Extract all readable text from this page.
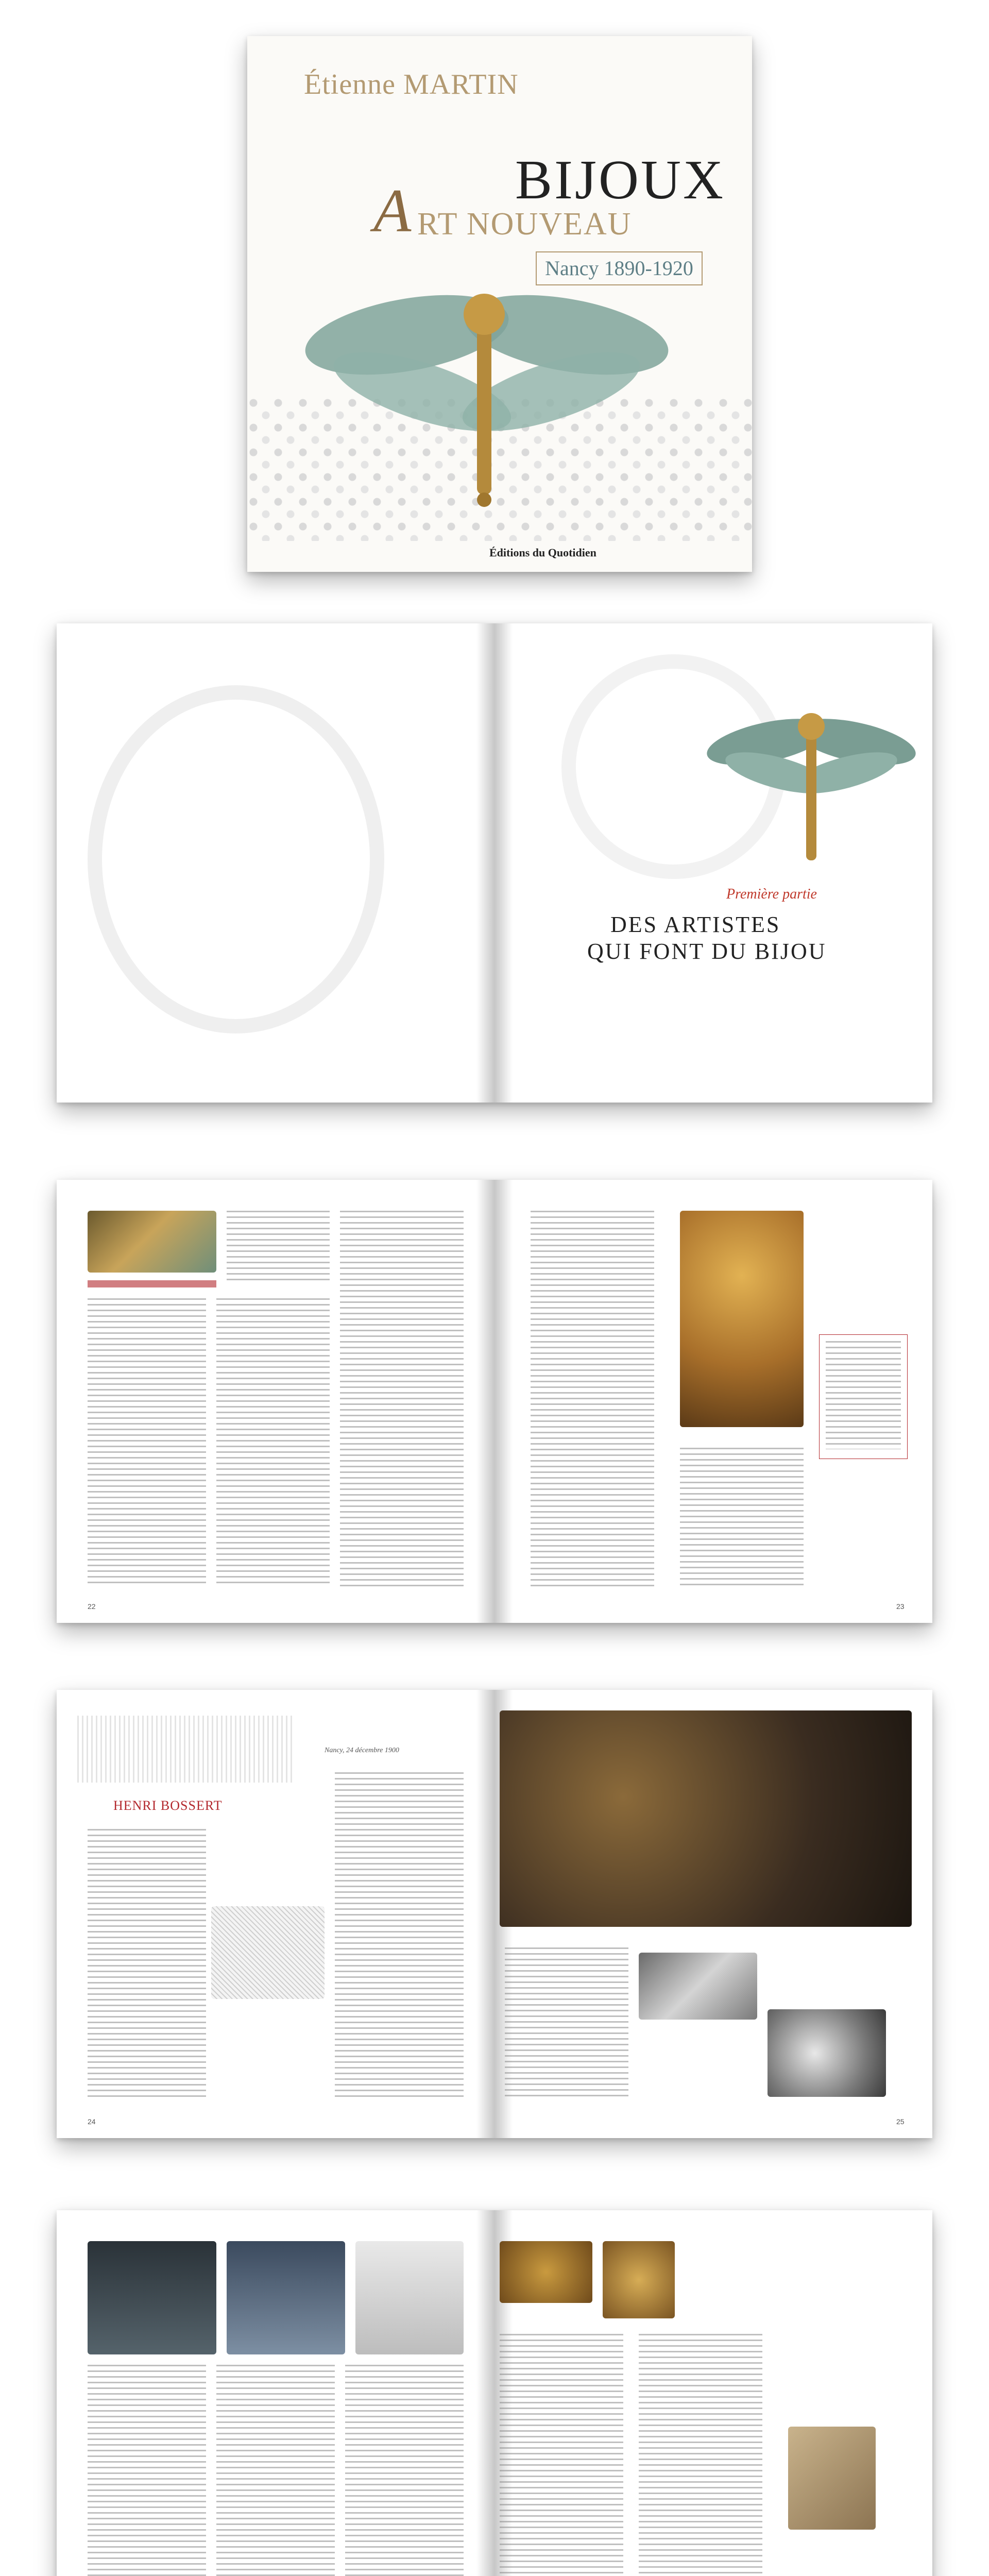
Étienne MARTIN
BIJOUX
A RT NOUVEAU
Nancy 1890-1920
Éditions du Quotidien
Première partie
DES ARTISTES
QUI FONT DU BIJOU
22	23
HENRI BOSSERT
Nancy, 24 décembre 1900
24	25
